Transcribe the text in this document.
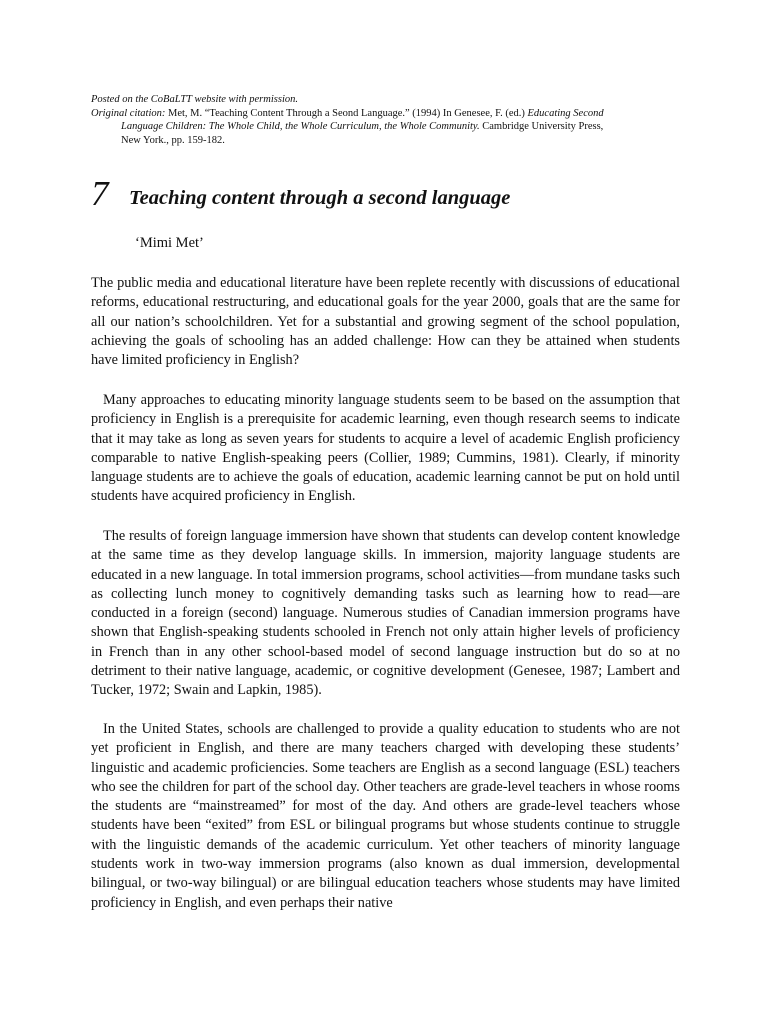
Posted on the CoBaLTT website with permission.

Original citation: Met, M. “Teaching Content Through a Seond Language.” (1994) In Genesee, F. (ed.) Educating Second

Language Children: The Whole Child, the Whole Curriculum, the Whole Community. Cambridge University Press,

New York., pp. 159-182.

7 Teaching content through a second language
‘Mimi Met’

The public media and educational literature have been replete recently with discussions of educational reforms, educational restructuring, and educational goals for the year 2000, goals that are the same for all our nation’s schoolchildren. Yet for a substantial and growing segment of the school population, achieving the goals of schooling has an added challenge: How can they be attained when students have limited proficiency in English?

Many approaches to educating minority language students seem to be based on the assumption that proficiency in English is a prerequisite for academic learning, even though research seems to indicate that it may take as long as seven years for students to acquire a level of academic English proficiency comparable to native English-speaking peers (Collier, 1989; Cummins, 1981). Clearly, if minority language students are to achieve the goals of education, academic learning cannot be put on hold until students have acquired proficiency in English.

The results of foreign language immersion have shown that students can develop content knowledge at the same time as they develop language skills. In immersion, majority language students are educated in a new language. In total immersion programs, school activities—from mundane tasks such as collecting lunch money to cognitively demanding tasks such as learning how to read—are conducted in a foreign (second) language. Numerous studies of Canadian immersion programs have shown that English-speaking students schooled in French not only attain higher levels of proficiency in French than in any other school-based model of second language instruction but do so at no detriment to their native language, academic, or cognitive development (Genesee, 1987; Lambert and Tucker, 1972; Swain and Lapkin, 1985).

In the United States, schools are challenged to provide a quality education to students who are not yet proficient in English, and there are many teachers charged with developing these students’ linguistic and academic proficiencies. Some teachers are English as a second language (ESL) teachers who see the children for part of the school day. Other teachers are grade-level teachers in whose rooms the students are “mainstreamed” for most of the day. And others are grade-level teachers whose students have been “exited” from ESL or bilingual programs but whose students continue to struggle with the linguistic demands of the academic curriculum. Yet other teachers of minority language students work in two-way immersion programs (also known as dual immersion, developmental bilingual, or two-way bilingual) or are bilingual education teachers whose students may have limited proficiency in English, and even perhaps their native
